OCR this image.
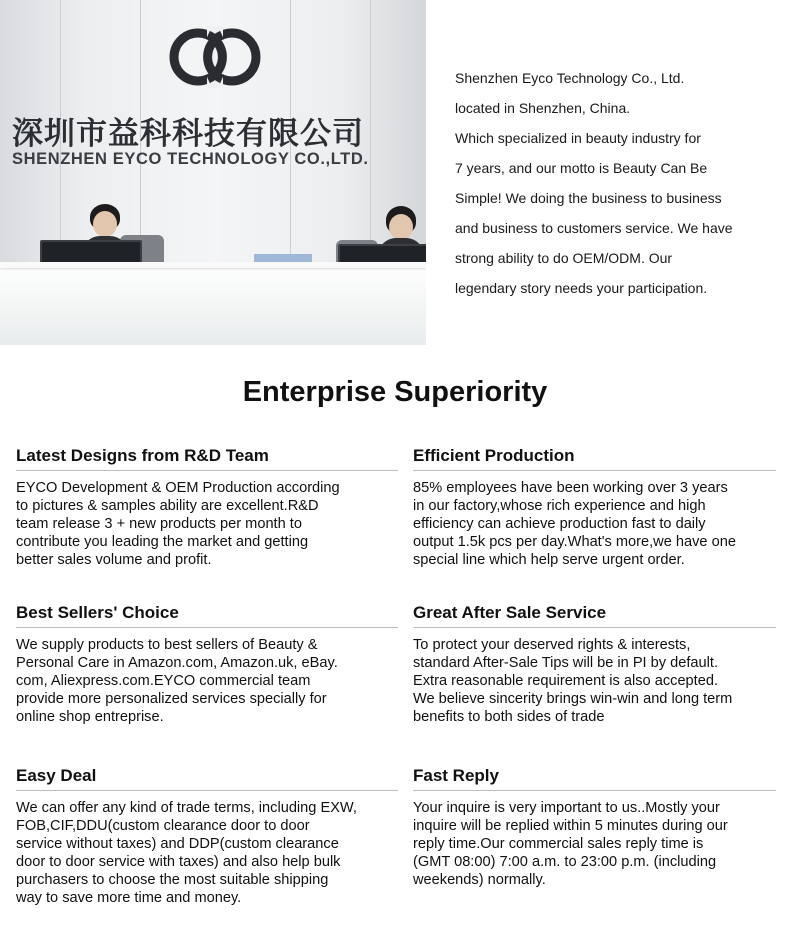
深圳市益科科技有限公司
SHENZHEN EYCO TECHNOLOGY CO.,LTD.
Shenzhen Eyco Technology Co., Ltd.
located in Shenzhen, China.
Which specialized in beauty industry for
7 years, and our motto is Beauty Can Be
Simple! We doing the business to business
and business to customers service. We have
strong ability to do OEM/ODM. Our
legendary story needs your participation.
Enterprise Superiority
Latest Designs from R&D Team

EYCO Development & OEM Production according
to pictures & samples ability are excellent.R&D
team release 3 + new products per month to
contribute you leading the market and getting
better sales volume and profit.

Efficient Production

85% employees have been working over 3 years
in our factory,whose rich experience and high
efficiency can achieve production fast to daily
output 1.5k pcs per day.What's more,we have one
special line which help serve urgent order.

Best Sellers' Choice

We supply products to best sellers of Beauty &
Personal Care in Amazon.com, Amazon.uk, eBay.
com, Aliexpress.com.EYCO commercial team
provide more personalized services specially for
online shop entreprise.

Great After Sale Service

To protect your deserved rights & interests,
standard After-Sale Tips will be in PI by default.
Extra reasonable requirement is also accepted.
We believe sincerity brings win-win and long term
benefits to both sides of trade

Easy Deal

We can offer any kind of trade terms, including EXW,
FOB,CIF,DDU(custom clearance door to door
service without taxes) and DDP(custom clearance
door to door service with taxes) and also help bulk
purchasers to choose the most suitable shipping
way to save more time and money.

Fast Reply

Your inquire is very important to us..Mostly your
inquire will be replied within 5 minutes during our
reply time.Our commercial sales reply time is
(GMT 08:00) 7:00 a.m. to 23:00 p.m. (including
weekends) normally.
